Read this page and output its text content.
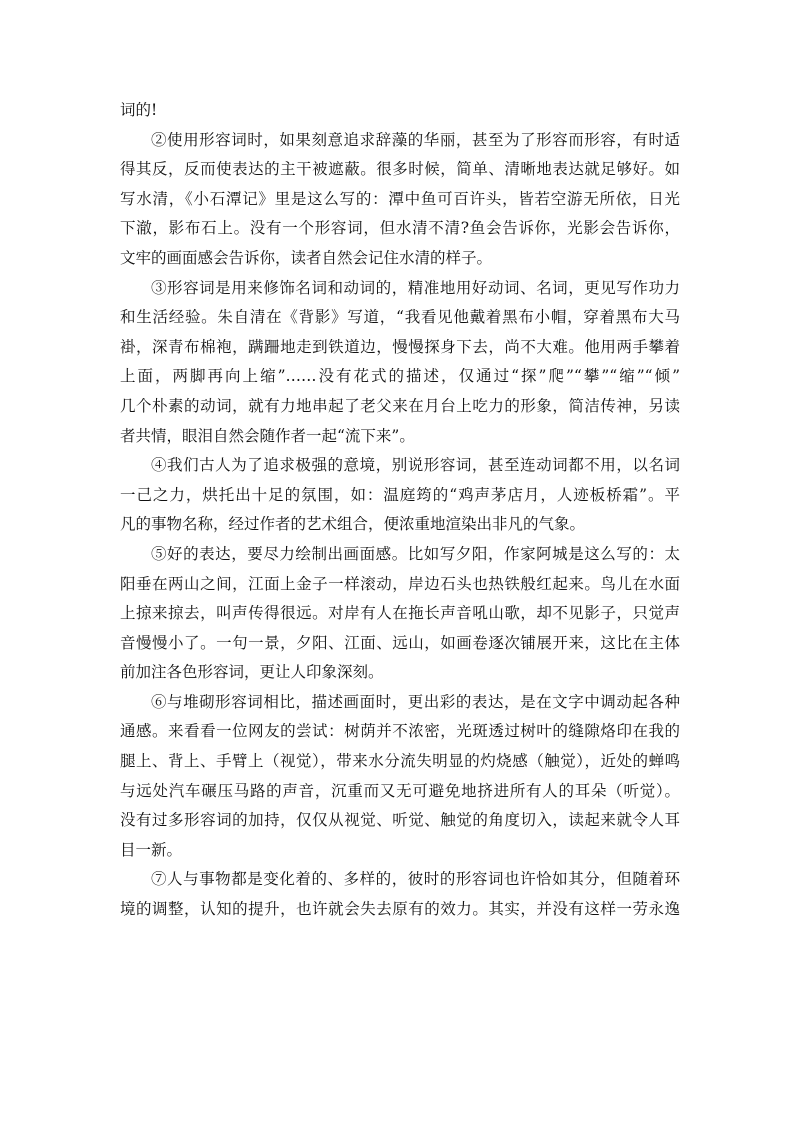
词的!
②使用形容词时，如果刻意追求辞藻的华丽，甚至为了形容而形容，有时适
得其反，反而使表达的主干被遮蔽。很多时候，简单、清晰地表达就足够好。如
写水清，《小石潭记》里是这么写的：潭中鱼可百许头，皆若空游无所依，日光
下澈，影布石上。没有一个形容词，但水清不清?鱼会告诉你，光影会告诉你，
文牢的画面感会告诉你，读者自然会记住水清的样子。
③形容词是用来修饰名词和动词的，精准地用好动词、名词，更见写作功力
和生活经验。朱自清在《背影》写道，“我看见他戴着黑布小帽，穿着黑布大马
褂，深青布棉袍，蹒跚地走到铁道边，慢慢探身下去，尚不大难。他用两手攀着
上面，两脚再向上缩”……没有花式的描述，仅通过“探”爬”“攀”“缩”“倾”
几个朴素的动词，就有力地串起了老父来在月台上吃力的形象，简洁传神，另读
者共情，眼泪自然会随作者一起“流下来”。
④我们古人为了追求极强的意境，别说形容词，甚至连动词都不用，以名词
一己之力，烘托出十足的氛围，如：温庭筠的“鸡声茅店月，人迹板桥霜”。平
凡的事物名称，经过作者的艺术组合，便浓重地渲染出非凡的气象。
⑤好的表达，要尽力绘制出画面感。比如写夕阳，作家阿城是这么写的：太
阳垂在两山之间，江面上金子一样滚动，岸边石头也热铁般红起来。鸟儿在水面
上掠来掠去，叫声传得很远。对岸有人在拖长声音吼山歌，却不见影子，只觉声
音慢慢小了。一句一景，夕阳、江面、远山，如画卷逐次铺展开来，这比在主体
前加注各色形容词，更让人印象深刻。
⑥与堆砌形容词相比，描述画面时，更出彩的表达，是在文字中调动起各种
通感。来看看一位网友的尝试：树荫并不浓密，光斑透过树叶的缝隙烙印在我的
腿上、背上、手臂上（视觉），带来水分流失明显的灼烧感（触觉），近处的蝉鸣
与远处汽车碾压马路的声音，沉重而又无可避免地挤进所有人的耳朵（听觉）。
没有过多形容词的加持，仅仅从视觉、听觉、触觉的角度切入，读起来就令人耳
目一新。
⑦人与事物都是变化着的、多样的，彼时的形容词也许恰如其分，但随着环
境的调整，认知的提升，也许就会失去原有的效力。其实，并没有这样一劳永逸
